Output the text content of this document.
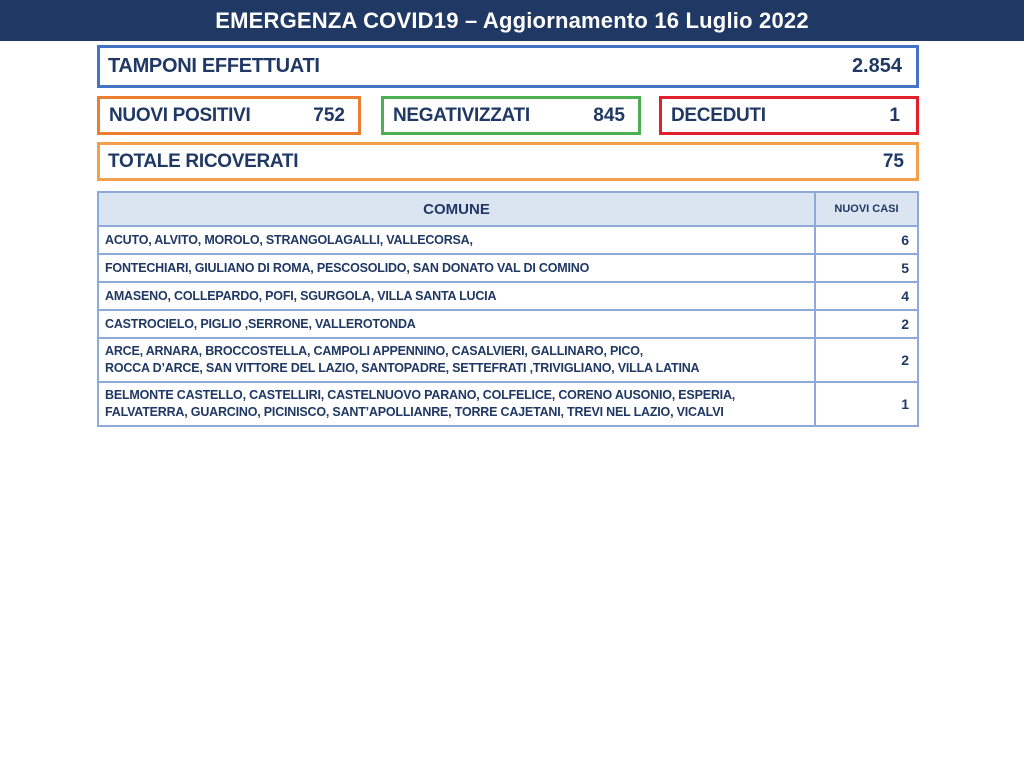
EMERGENZA COVID19 – Aggiornamento 16 Luglio 2022
TAMPONI EFFETTUATI	2.854
NUOVI POSITIVI	752	NEGATIVIZZATI	845 DECEDUTI	1
TOTALE RICOVERATI	75
COMUNE	NUOVI CASI

ACUTO, ALVITO, MOROLO, STRANGOLAGALLI, VALLECORSA,	6

FONTECHIARI, GIULIANO DI ROMA, PESCOSOLIDO, SAN DONATO VAL DI COMINO	5

AMASENO, COLLEPARDO, POFI, SGURGOLA, VILLA SANTA LUCIA	4

CASTROCIELO, PIGLIO ,SERRONE, VALLEROTONDA	2

ARCE, ARNARA, BROCCOSTELLA, CAMPOLI APPENNINO, CASALVIERI, GALLINARO, PICO,
ROCCA D’ARCE, SAN VITTORE DEL LAZIO, SANTOPADRE, SETTEFRATI ,TRIVIGLIANO, VILLA LATINA	2

BELMONTE CASTELLO, CASTELLIRI, CASTELNUOVO PARANO, COLFELICE, CORENO AUSONIO, ESPERIA,
FALVATERRA, GUARCINO, PICINISCO, SANT’APOLLIANRE, TORRE CAJETANI, TREVI NEL LAZIO, VICALVI	1
